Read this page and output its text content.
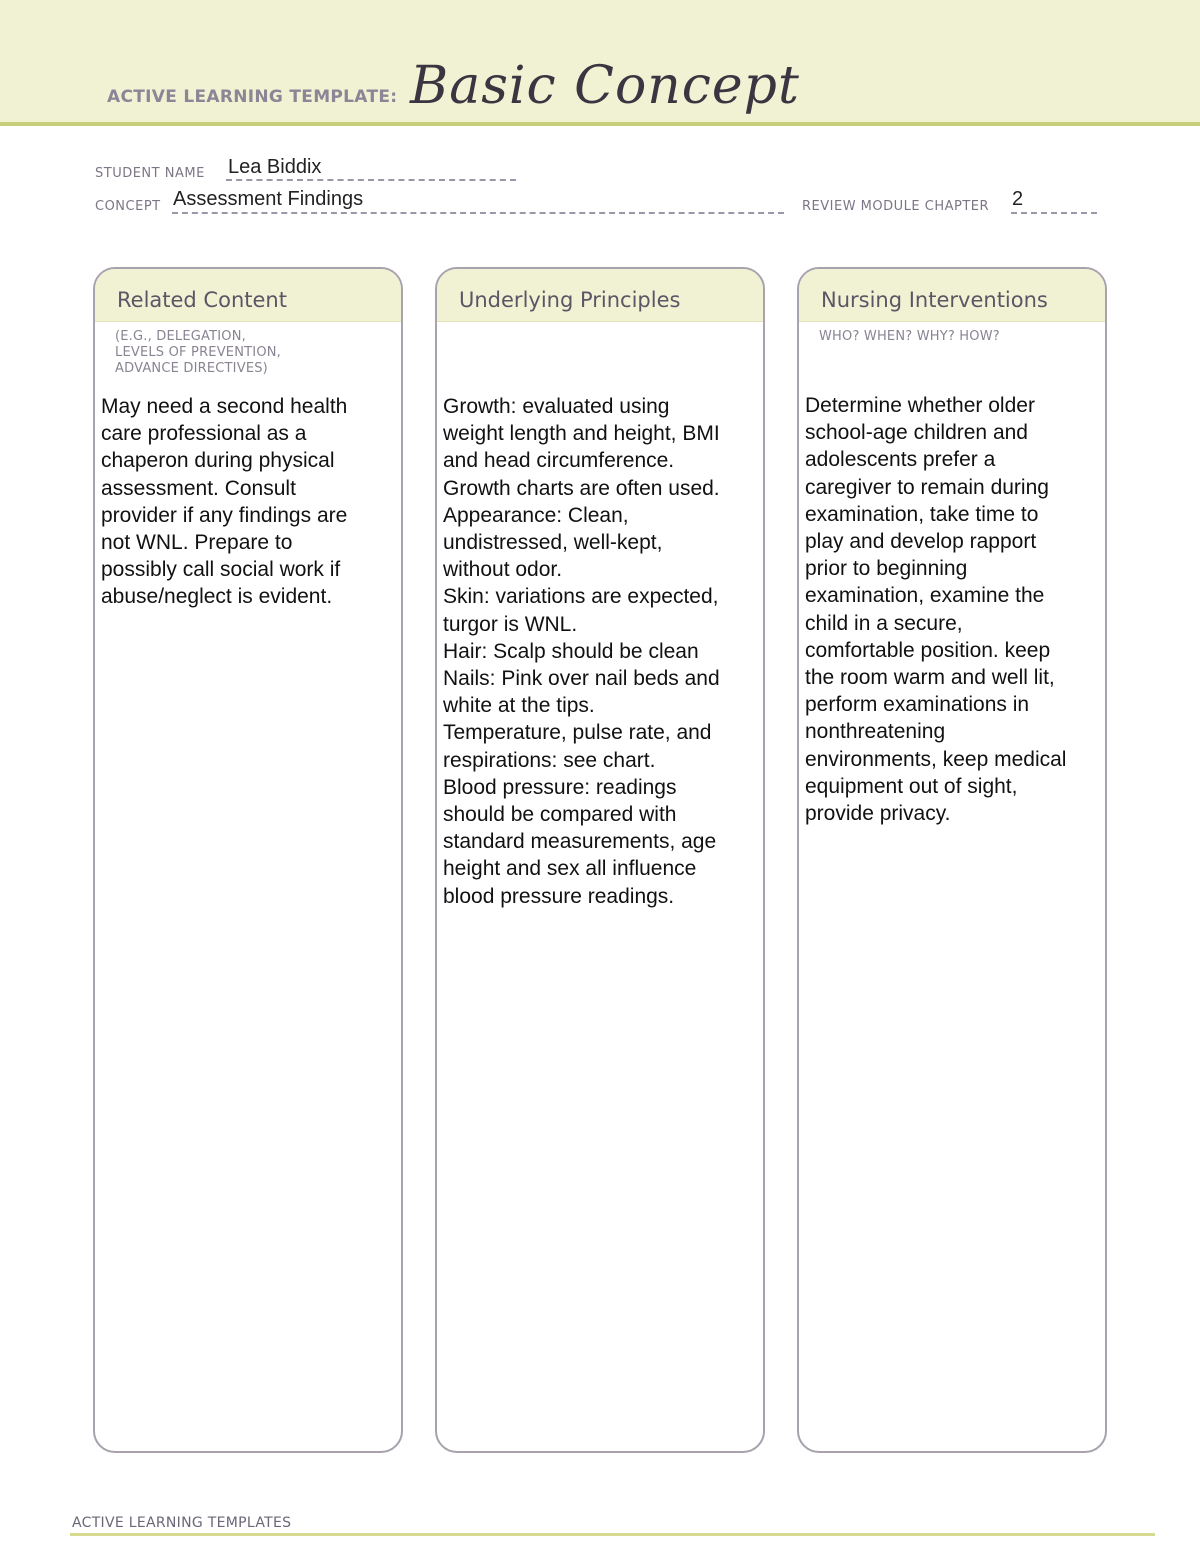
ACTIVE LEARNING TEMPLATE: Basic Concept
STUDENT NAME Lea Biddix
CONCEPT Assessment Findings	REVIEW MODULE CHAPTER 2
Related Content
(E.G., DELEGATION,
LEVELS OF PREVENTION,
ADVANCE DIRECTIVES)
May need a second health
care professional as a
chaperon during physical
assessment. Consult
provider if any findings are
not WNL. Prepare to
possibly call social work if
abuse/neglect is evident.
Underlying Principles
Growth: evaluated using
weight length and height, BMI
and head circumference.
Growth charts are often used.
Appearance: Clean,
undistressed, well-kept,
without odor.
Skin: variations are expected,
turgor is WNL.
Hair: Scalp should be clean
Nails: Pink over nail beds and
white at the tips.
Temperature, pulse rate, and
respirations: see chart.
Blood pressure: readings
should be compared with
standard measurements, age
height and sex all influence
blood pressure readings.
Nursing Interventions
WHO? WHEN? WHY? HOW?
Determine whether older
school-age children and
adolescents prefer a
caregiver to remain during
examination, take time to
play and develop rapport
prior to beginning
examination, examine the
child in a secure,
comfortable position. keep
the room warm and well lit,
perform examinations in
nonthreatening
environments, keep medical
equipment out of sight,
provide privacy.
ACTIVE LEARNING TEMPLATES
